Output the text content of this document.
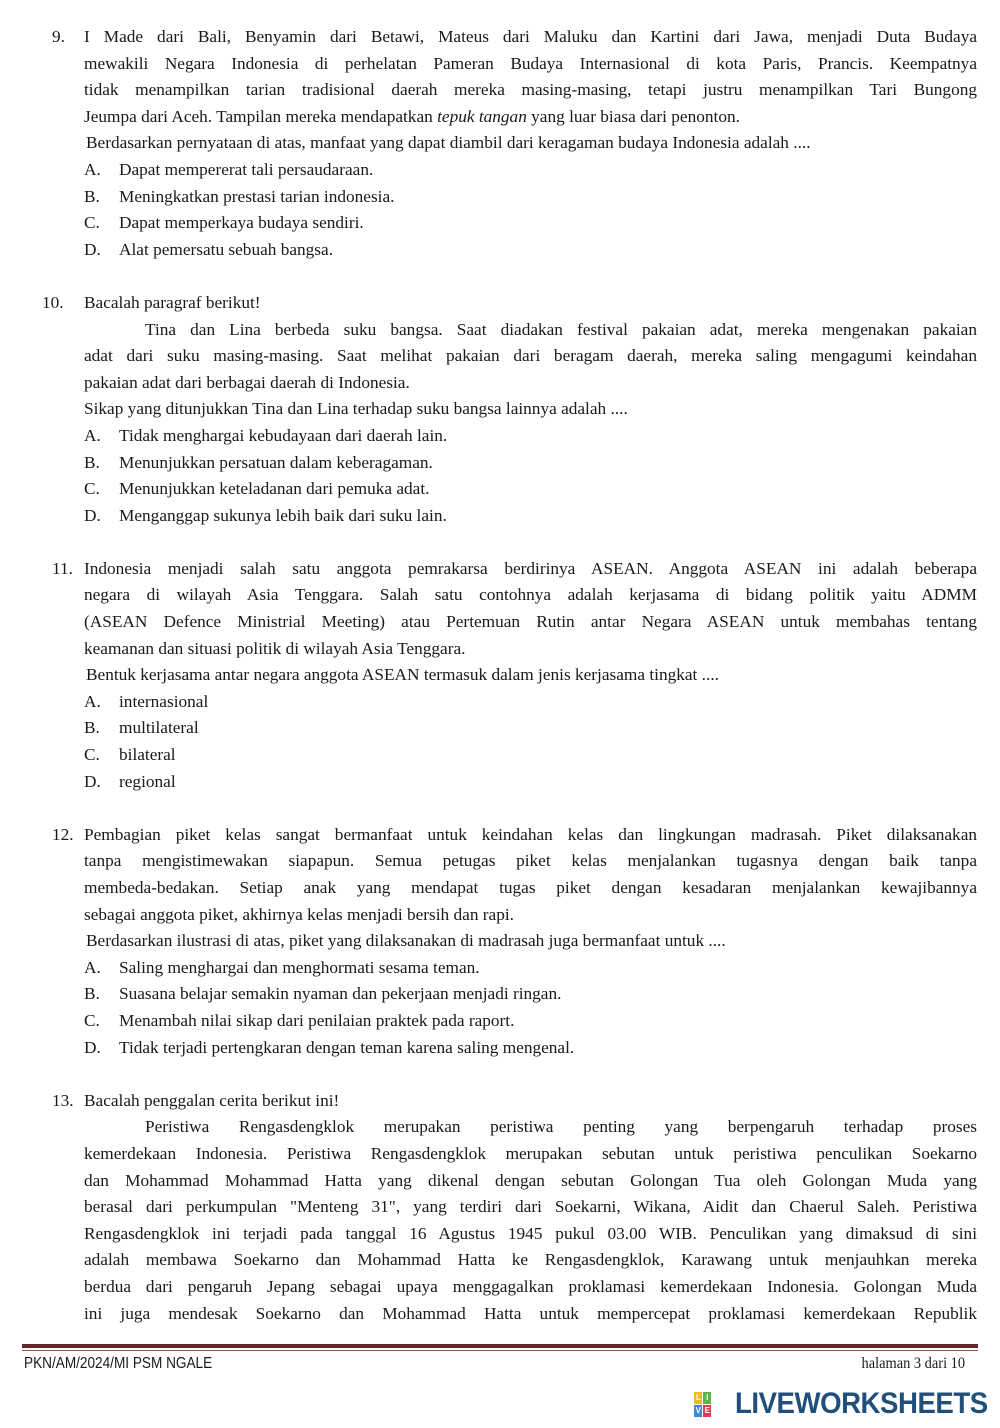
9. I Made dari Bali, Benyamin dari Betawi, Mateus dari Maluku dan Kartini dari Jawa, menjadi Duta Budaya
mewakili Negara Indonesia di perhelatan Pameran Budaya Internasional di kota Paris, Prancis. Keempatnya
tidak menampilkan tarian tradisional daerah mereka masing-masing, tetapi justru menampilkan Tari Bungong
Jeumpa dari Aceh. Tampilan mereka mendapatkan tepuk tangan yang luar biasa dari penonton.
Berdasarkan pernyataan di atas, manfaat yang dapat diambil dari keragaman budaya Indonesia adalah ....
A.	Dapat mempererat tali persaudaraan.
B.	Meningkatkan prestasi tarian indonesia.
C.	Dapat memperkaya budaya sendiri.
D.	Alat pemersatu sebuah bangsa.
10. Bacalah paragraf berikut!
Tina dan Lina berbeda suku bangsa. Saat diadakan festival pakaian adat, mereka mengenakan pakaian
adat dari suku masing-masing. Saat melihat pakaian dari beragam daerah, mereka saling mengagumi keindahan
pakaian adat dari berbagai daerah di Indonesia.
Sikap yang ditunjukkan Tina dan Lina terhadap suku bangsa lainnya adalah ....
A.	Tidak menghargai kebudayaan dari daerah lain.
B.	Menunjukkan persatuan dalam keberagaman.
C.	Menunjukkan keteladanan dari pemuka adat.
D.	Menganggap sukunya lebih baik dari suku lain.
11. Indonesia menjadi salah satu anggota pemrakarsa berdirinya ASEAN. Anggota ASEAN ini adalah beberapa
negara di wilayah Asia Tenggara. Salah satu contohnya adalah kerjasama di bidang politik yaitu ADMM
(ASEAN Defence Ministrial Meeting) atau Pertemuan Rutin antar Negara ASEAN untuk membahas tentang
keamanan dan situasi politik di wilayah Asia Tenggara.
Bentuk kerjasama antar negara anggota ASEAN termasuk dalam jenis kerjasama tingkat ....
A.	internasional
B.	multilateral
C.	bilateral
D.	regional
12. Pembagian piket kelas sangat bermanfaat untuk keindahan kelas dan lingkungan madrasah. Piket dilaksanakan
tanpa mengistimewakan siapapun. Semua petugas piket kelas menjalankan tugasnya dengan baik tanpa
membeda-bedakan. Setiap anak yang mendapat tugas piket dengan kesadaran menjalankan kewajibannya
sebagai anggota piket, akhirnya kelas menjadi bersih dan rapi.
Berdasarkan ilustrasi di atas, piket yang dilaksanakan di madrasah juga bermanfaat untuk ....
A.	Saling menghargai dan menghormati sesama teman.
B.	Suasana belajar semakin nyaman dan pekerjaan menjadi ringan.
C.	Menambah nilai sikap dari penilaian praktek pada raport.
D.	Tidak terjadi pertengkaran dengan teman karena saling mengenal.
13. Bacalah penggalan cerita berikut ini!
Peristiwa Rengasdengklok merupakan peristiwa penting yang berpengaruh terhadap proses
kemerdekaan Indonesia. Peristiwa Rengasdengklok merupakan sebutan untuk peristiwa penculikan Soekarno
dan Mohammad Mohammad Hatta yang dikenal dengan sebutan Golongan Tua oleh Golongan Muda yang
berasal dari perkumpulan "Menteng 31", yang terdiri dari Soekarni, Wikana, Aidit dan Chaerul Saleh. Peristiwa
Rengasdengklok ini terjadi pada tanggal 16 Agustus 1945 pukul 03.00 WIB. Penculikan yang dimaksud di sini
adalah membawa Soekarno dan Mohammad Hatta ke Rengasdengklok, Karawang untuk menjauhkan mereka
berdua dari pengaruh Jepang sebagai upaya menggagalkan proklamasi kemerdekaan Indonesia. Golongan Muda
ini juga mendesak Soekarno dan Mohammad Hatta untuk mempercepat proklamasi kemerdekaan Republik
PKN/AM/2024/MI PSM NGALE	halaman 3 dari 10
L I
V E LIVEWORKSHEETS
